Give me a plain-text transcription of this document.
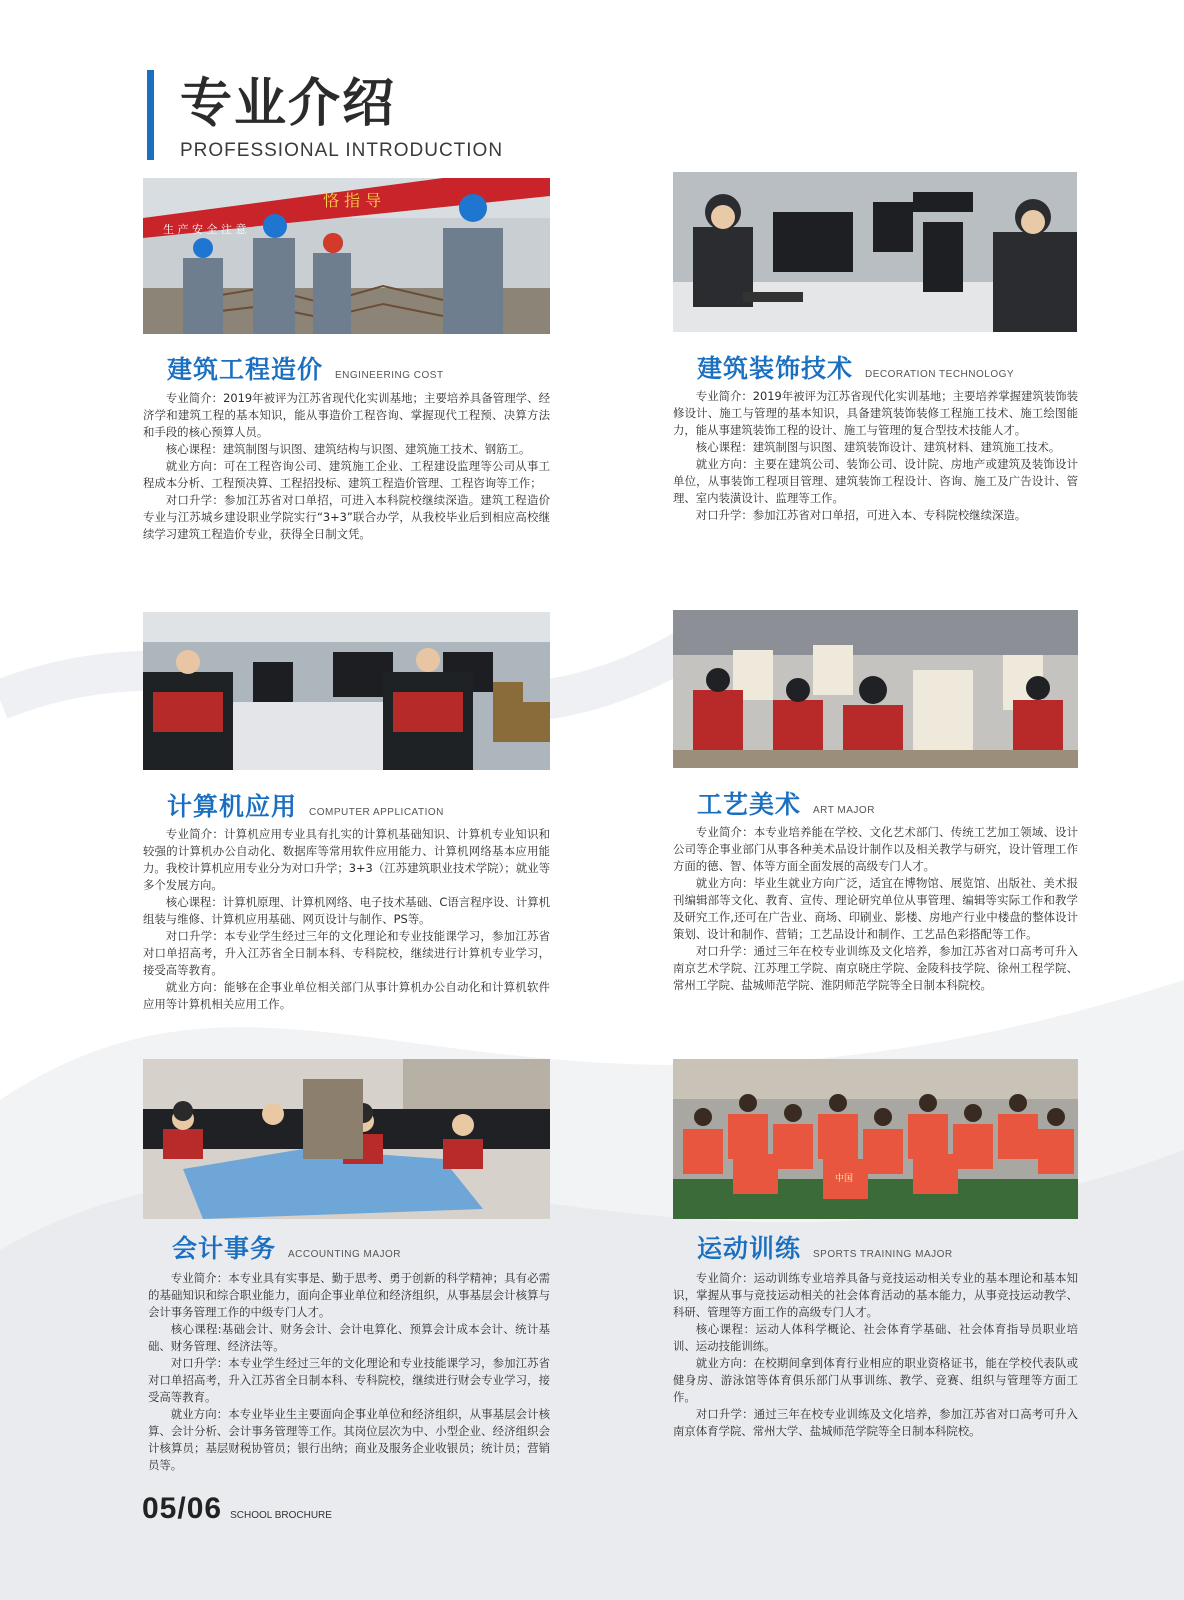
专业介绍
PROFESSIONAL INTRODUCTION
恪 指 导
生 产 安 全 注 意
建筑工程造价 ENGINEERING COST

专业简介：2019年被评为江苏省现代化实训基地；主要培养具备管理学、经济学和建筑工程的基本知识，能从事造价工程咨询、掌握现代工程预、决算方法和手段的核心预算人员。

核心课程：建筑制图与识图、建筑结构与识图、建筑施工技术、钢筋工。

就业方向：可在工程咨询公司、建筑施工企业、工程建设监理等公司从事工程成本分析、工程预决算、工程招投标、建筑工程造价管理、工程咨询等工作；

对口升学：参加江苏省对口单招，可进入本科院校继续深造。建筑工程造价专业与江苏城乡建设职业学院实行“3+3”联合办学，从我校毕业后到相应高校继续学习建筑工程造价专业，获得全日制文凭。

建筑装饰技术 DECORATION TECHNOLOGY

专业简介：2019年被评为江苏省现代化实训基地；主要培养掌握建筑装饰装修设计、施工与管理的基本知识，具备建筑装饰装修工程施工技术、施工绘图能力，能从事建筑装饰工程的设计、施工与管理的复合型技术技能人才。

核心课程：建筑制图与识图、建筑装饰设计、建筑材料、建筑施工技术。

就业方向：主要在建筑公司、装饰公司、设计院、房地产或建筑及装饰设计单位，从事装饰工程项目管理、建筑装饰工程设计、咨询、施工及广告设计、管理、室内装潢设计、监理等工作。

对口升学：参加江苏省对口单招，可进入本、专科院校继续深造。

计算机应用 COMPUTER APPLICATION

专业简介：计算机应用专业具有扎实的计算机基础知识、计算机专业知识和较强的计算机办公自动化、数据库等常用软件应用能力、计算机网络基本应用能力。我校计算机应用专业分为对口升学；3+3（江苏建筑职业技术学院）；就业等多个发展方向。

核心课程：计算机原理、计算机网络、电子技术基础、C语言程序设、计算机组装与维修、计算机应用基础、网页设计与制作、PS等。

对口升学：本专业学生经过三年的文化理论和专业技能课学习，参加江苏省对口单招高考，升入江苏省全日制本科、专科院校，继续进行计算机专业学习，接受高等教育。

就业方向：能够在企事业单位相关部门从事计算机办公自动化和计算机软件应用等计算机相关应用工作。

工艺美术 ART MAJOR

专业简介：本专业培养能在学校、文化艺术部门、传统工艺加工领域、设计公司等企事业部门从事各种美术品设计制作以及相关教学与研究，设计管理工作方面的德、智、体等方面全面发展的高级专门人才。

就业方向：毕业生就业方向广泛，适宜在博物馆、展览馆、出版社、美术报刊编辑部等文化、教育、宣传、理论研究单位从事管理、编辑等实际工作和教学及研究工作,还可在广告业、商场、印刷业、影楼、房地产行业中楼盘的整体设计策划、设计和制作、营销；工艺品设计和制作、工艺品色彩搭配等工作。

对口升学：通过三年在校专业训练及文化培养，参加江苏省对口高考可升入南京艺术学院、江苏理工学院、南京晓庄学院、金陵科技学院、徐州工程学院、常州工学院、盐城师范学院、淮阴师范学院等全日制本科院校。

中国
会计事务 ACCOUNTING MAJOR

专业简介：本专业具有实事是、勤于思考、勇于创新的科学精神；具有必需的基础知识和综合职业能力，面向企事业单位和经济组织，从事基层会计核算与会计事务管理工作的中级专门人才。

核心课程:基础会计、财务会计、会计电算化、预算会计成本会计、统计基础、财务管理、经济法等。

对口升学：本专业学生经过三年的文化理论和专业技能课学习，参加江苏省对口单招高考，升入江苏省全日制本科、专科院校，继续进行财会专业学习，接受高等教育。

就业方向：本专业毕业生主要面向企事业单位和经济组织，从事基层会计核算、会计分析、会计事务管理等工作。其岗位层次为中、小型企业、经济组织会计核算员；基层财税协管员；银行出纳；商业及服务企业收银员；统计员；营销员等。

运动训练 SPORTS TRAINING MAJOR

专业简介：运动训练专业培养具备与竞技运动相关专业的基本理论和基本知识，掌握从事与竞技运动相关的社会体育活动的基本能力，从事竞技运动教学、科研、管理等方面工作的高级专门人才。

核心课程：运动人体科学概论、社会体育学基础、社会体育指导员职业培训、运动技能训练。

就业方向：在校期间拿到体育行业相应的职业资格证书，能在学校代表队或健身房、游泳馆等体育俱乐部门从事训练、教学、竞赛、组织与管理等方面工作。

对口升学：通过三年在校专业训练及文化培养，参加江苏省对口高考可升入南京体育学院、常州大学、盐城师范学院等全日制本科院校。

05/06 SCHOOL BROCHURE
